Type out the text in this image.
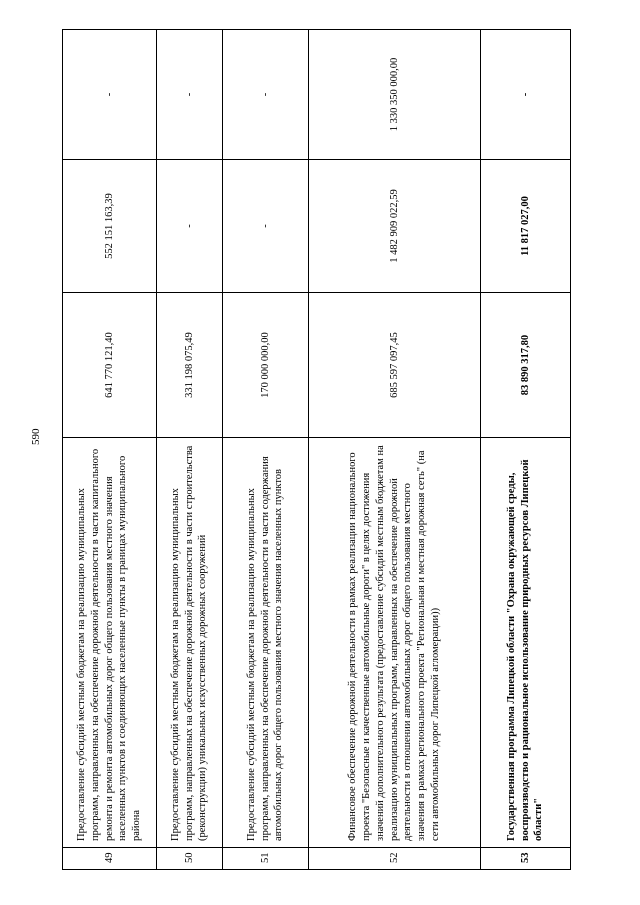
590
49	Предоставление субсидий местным бюджетам на реализацию муниципальных программ, направленных на обеспечение дорожной деятельности в части капитального ремонта и ремонта автомобильных дорог общего пользования местного значения населенных пунктов и соединяющих населенные пункты в границах муниципального района	641 770 121,40	552 151 163,39	-
50	Предоставление субсидий местным бюджетам на реализацию муниципальных программ, направленных на обеспечение дорожной деятельности в части строительства (реконструкции) уникальных искусственных дорожных сооружений	331 198 075,49	-	-
51	Предоставление субсидий местным бюджетам на реализацию муниципальных программ, направленных на обеспечение дорожной деятельности в части содержания автомобильных дорог общего пользования местного значения населенных пунктов	170 000 000,00	-	-
52	Финансовое обеспечение дорожной деятельности в рамках реализации национального проекта "Безопасные и качественные автомобильные дороги" в целях достижения значений дополнительного результата (предоставление субсидий местным бюджетам на реализацию муниципальных программ, направленных на обеспечение дорожной деятельности в отношении автомобильных дорог общего пользования местного значения в рамках регионального проекта "Региональная и местная дорожная сеть" (на сети автомобильных дорог Липецкой агломерации))	685 597 097,45	1 482 909 022,59	1 330 350 000,00
53	Государственная программа Липецкой области "Охрана окружающей среды, воспроизводство и рациональное использование природных ресурсов Липецкой области"	83 890 317,80	11 817 027,00	-
